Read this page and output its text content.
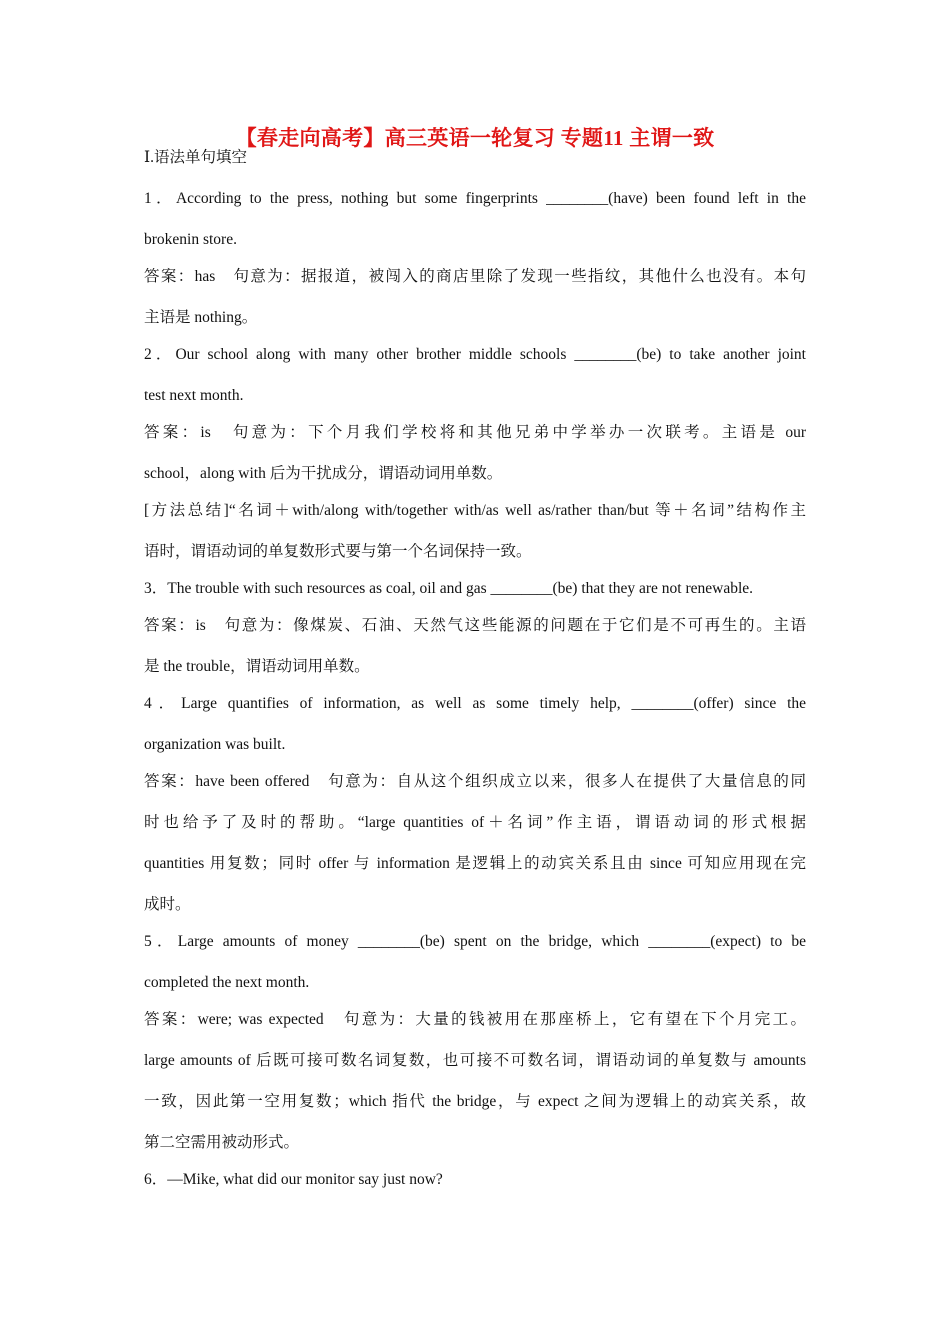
【春走向高考】高三英语一轮复习 专题11 主谓一致
Ⅰ.语法单句填空
1．According to the press, nothing but some fingerprints ________(have) been found left in the
brokenin store.
答案：has　句意为：据报道，被闯入的商店里除了发现一些指纹，其他什么也没有。本句
主语是 nothing。
2．Our school along with many other brother middle schools ________(be) to take another joint
test next month.
答案：is　句意为：下个月我们学校将和其他兄弟中学举办一次联考。主语是 our
school，along with 后为干扰成分，谓语动词用单数。
[方法总结]“名词＋with/along with/together with/as well as/rather than/but 等＋名词”结构作主
语时，谓语动词的单复数形式要与第一个名词保持一致。
3．The trouble with such resources as coal, oil and gas ________(be) that they are not renewable.
答案：is　句意为：像煤炭、石油、天然气这些能源的问题在于它们是不可再生的。主语
是 the trouble，谓语动词用单数。
4．Large quantifies of information, as well as some timely help, ________(offer) since the
organization was built.
答案：have been offered　句意为：自从这个组织成立以来，很多人在提供了大量信息的同
时也给予了及时的帮助。“large quantities of＋名词”作主语，谓语动词的形式根据
quantities 用复数；同时 offer 与 information 是逻辑上的动宾关系且由 since 可知应用现在完
成时。
5．Large amounts of money ________(be) spent on the bridge, which ________(expect) to be
completed the next month.
答案：were; was expected　句意为：大量的钱被用在那座桥上，它有望在下个月完工。
large amounts of 后既可接可数名词复数，也可接不可数名词，谓语动词的单复数与 amounts
一致，因此第一空用复数；which 指代 the bridge，与 expect 之间为逻辑上的动宾关系，故
第二空需用被动形式。
6．—Mike, what did our monitor say just now?
